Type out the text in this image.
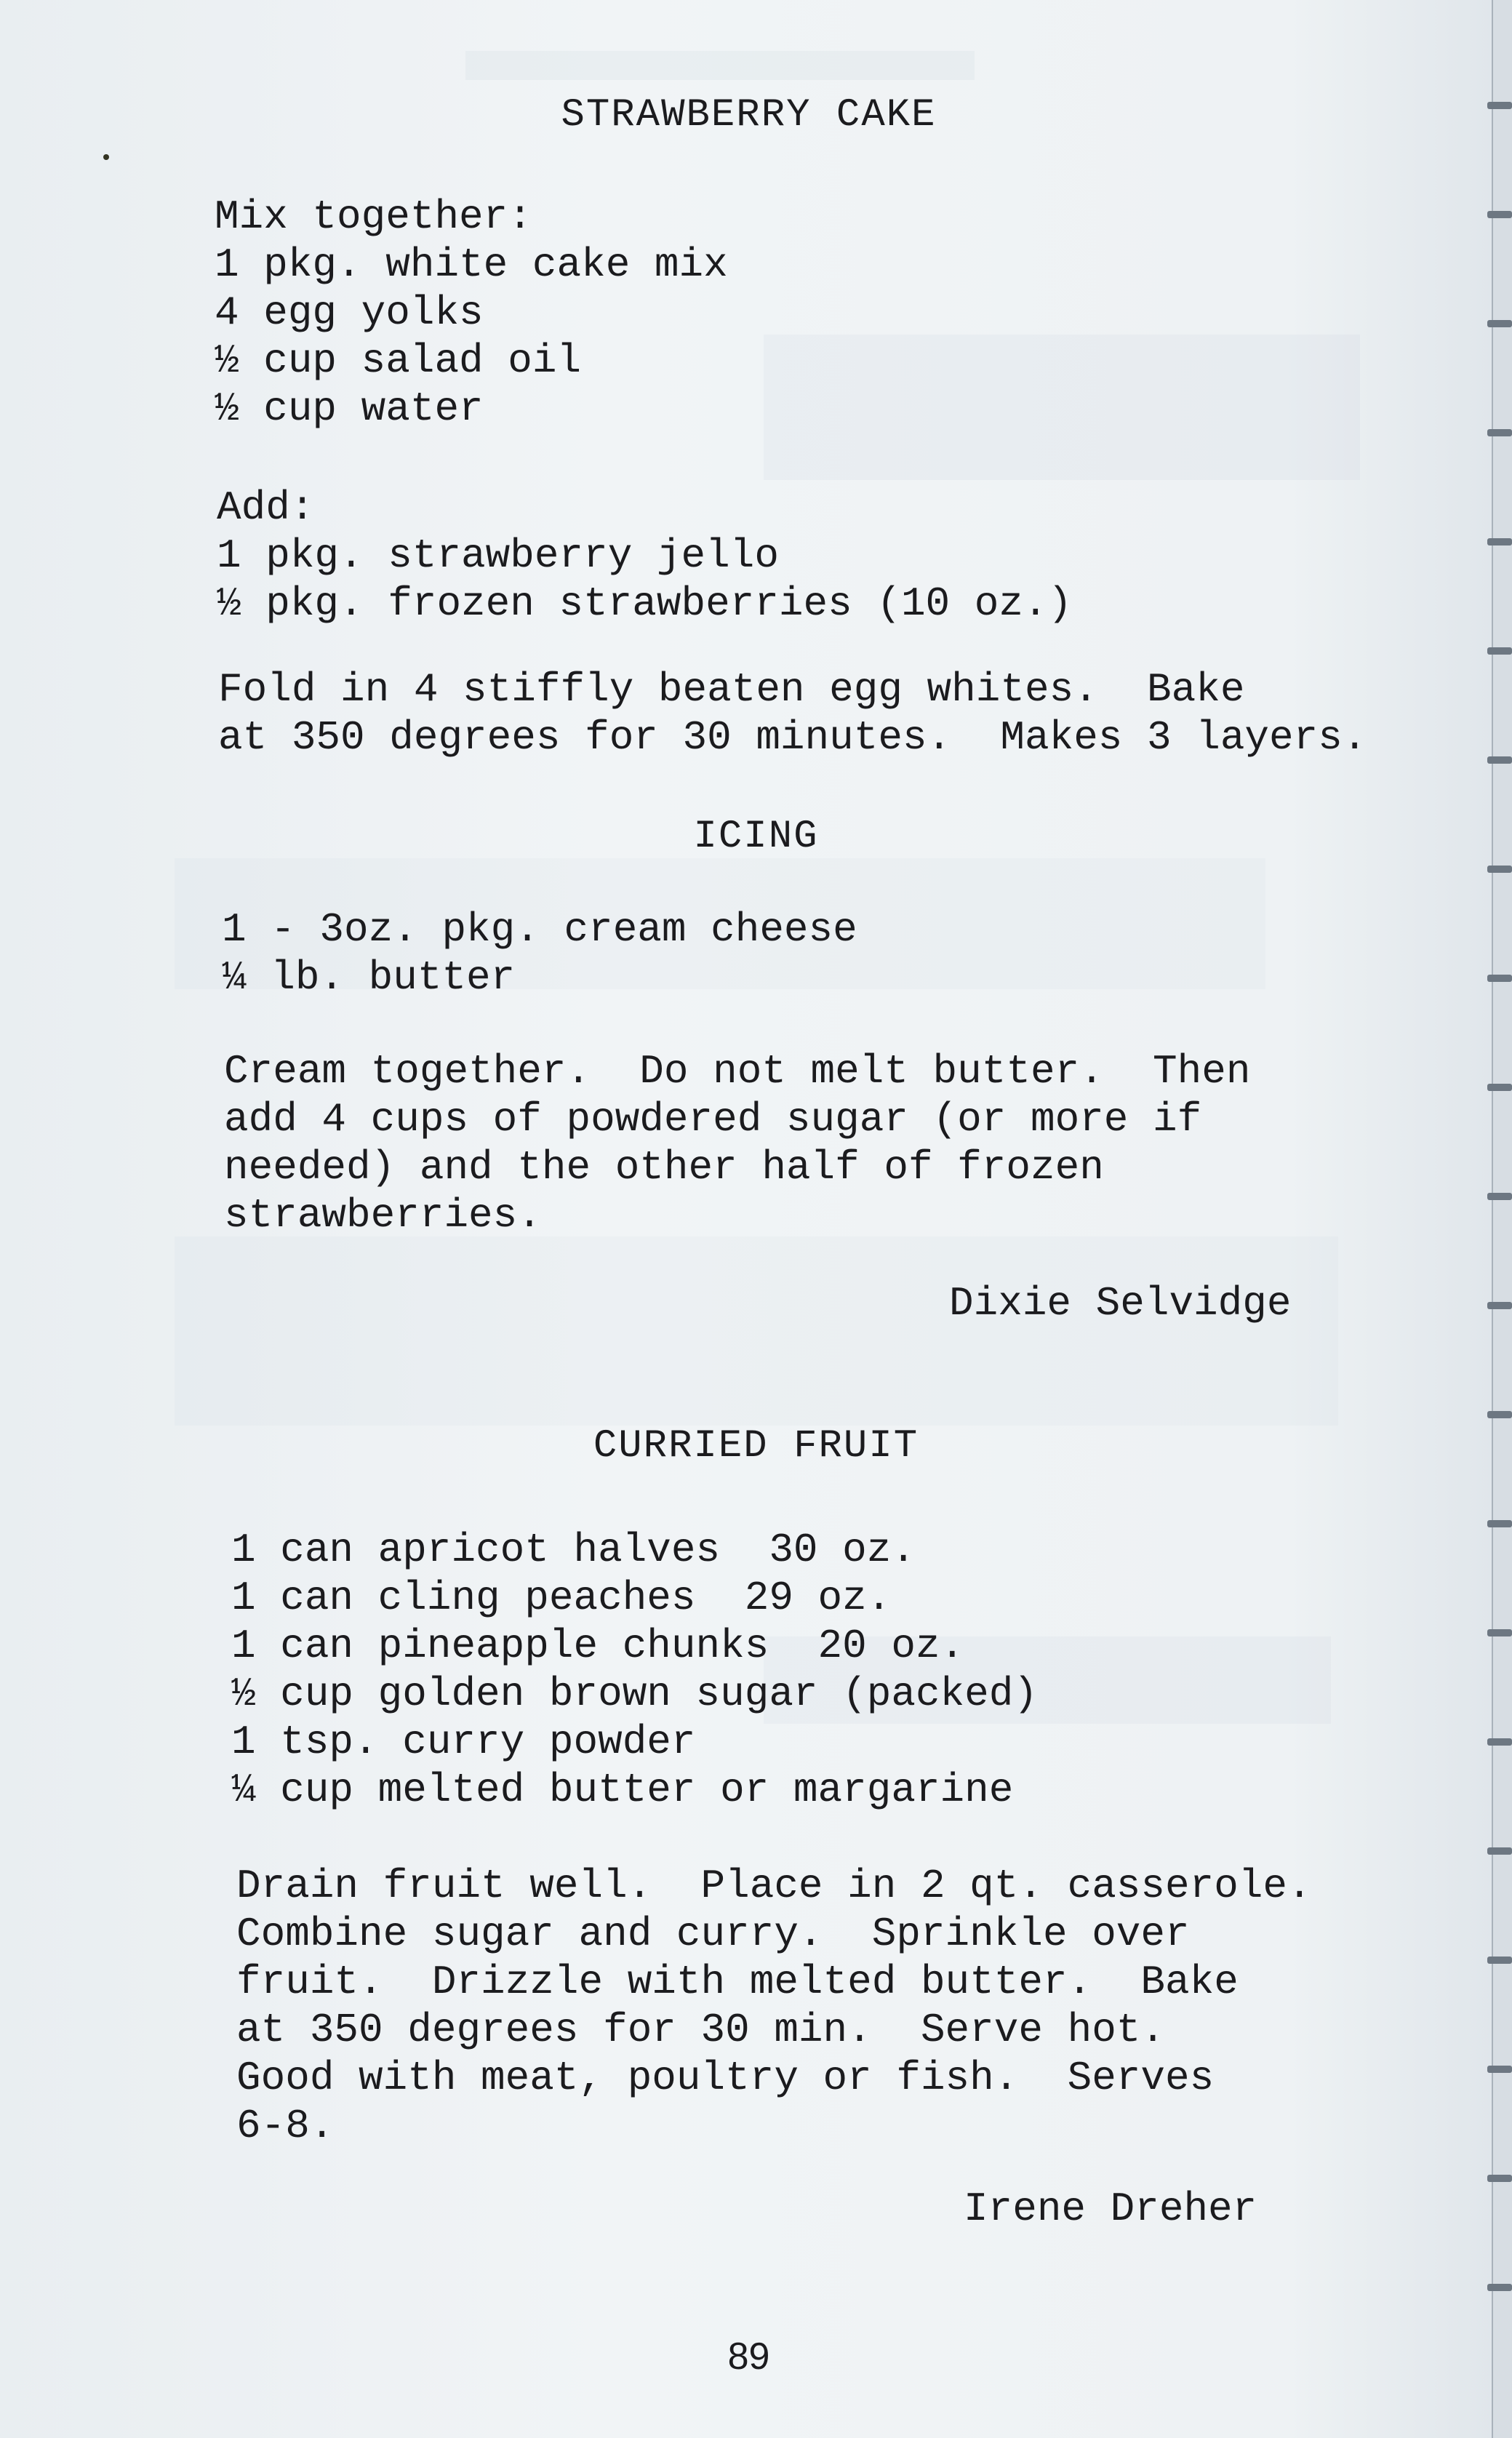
STRAWBERRY CAKE
Mix together:
1 pkg. white cake mix
4 egg yolks
½ cup salad oil
½ cup water
Add:
1 pkg. strawberry jello
½ pkg. frozen strawberries (10 oz.)
Fold in 4 stiffly beaten egg whites.  Bake
at 350 degrees for 30 minutes.  Makes 3 layers.
ICING
1 - 3oz. pkg. cream cheese
¼ lb. butter
Cream together.  Do not melt butter.  Then
add 4 cups of powdered sugar (or more if
needed) and the other half of frozen
strawberries.
Dixie Selvidge
CURRIED FRUIT
1 can apricot halves  30 oz.
1 can cling peaches  29 oz.
1 can pineapple chunks  20 oz.
½ cup golden brown sugar (packed)
1 tsp. curry powder
¼ cup melted butter or margarine
Drain fruit well.  Place in 2 qt. casserole.
Combine sugar and curry.  Sprinkle over
fruit.  Drizzle with melted butter.  Bake
at 350 degrees for 30 min.  Serve hot.
Good with meat, poultry or fish.  Serves
6-8.
Irene Dreher
89
